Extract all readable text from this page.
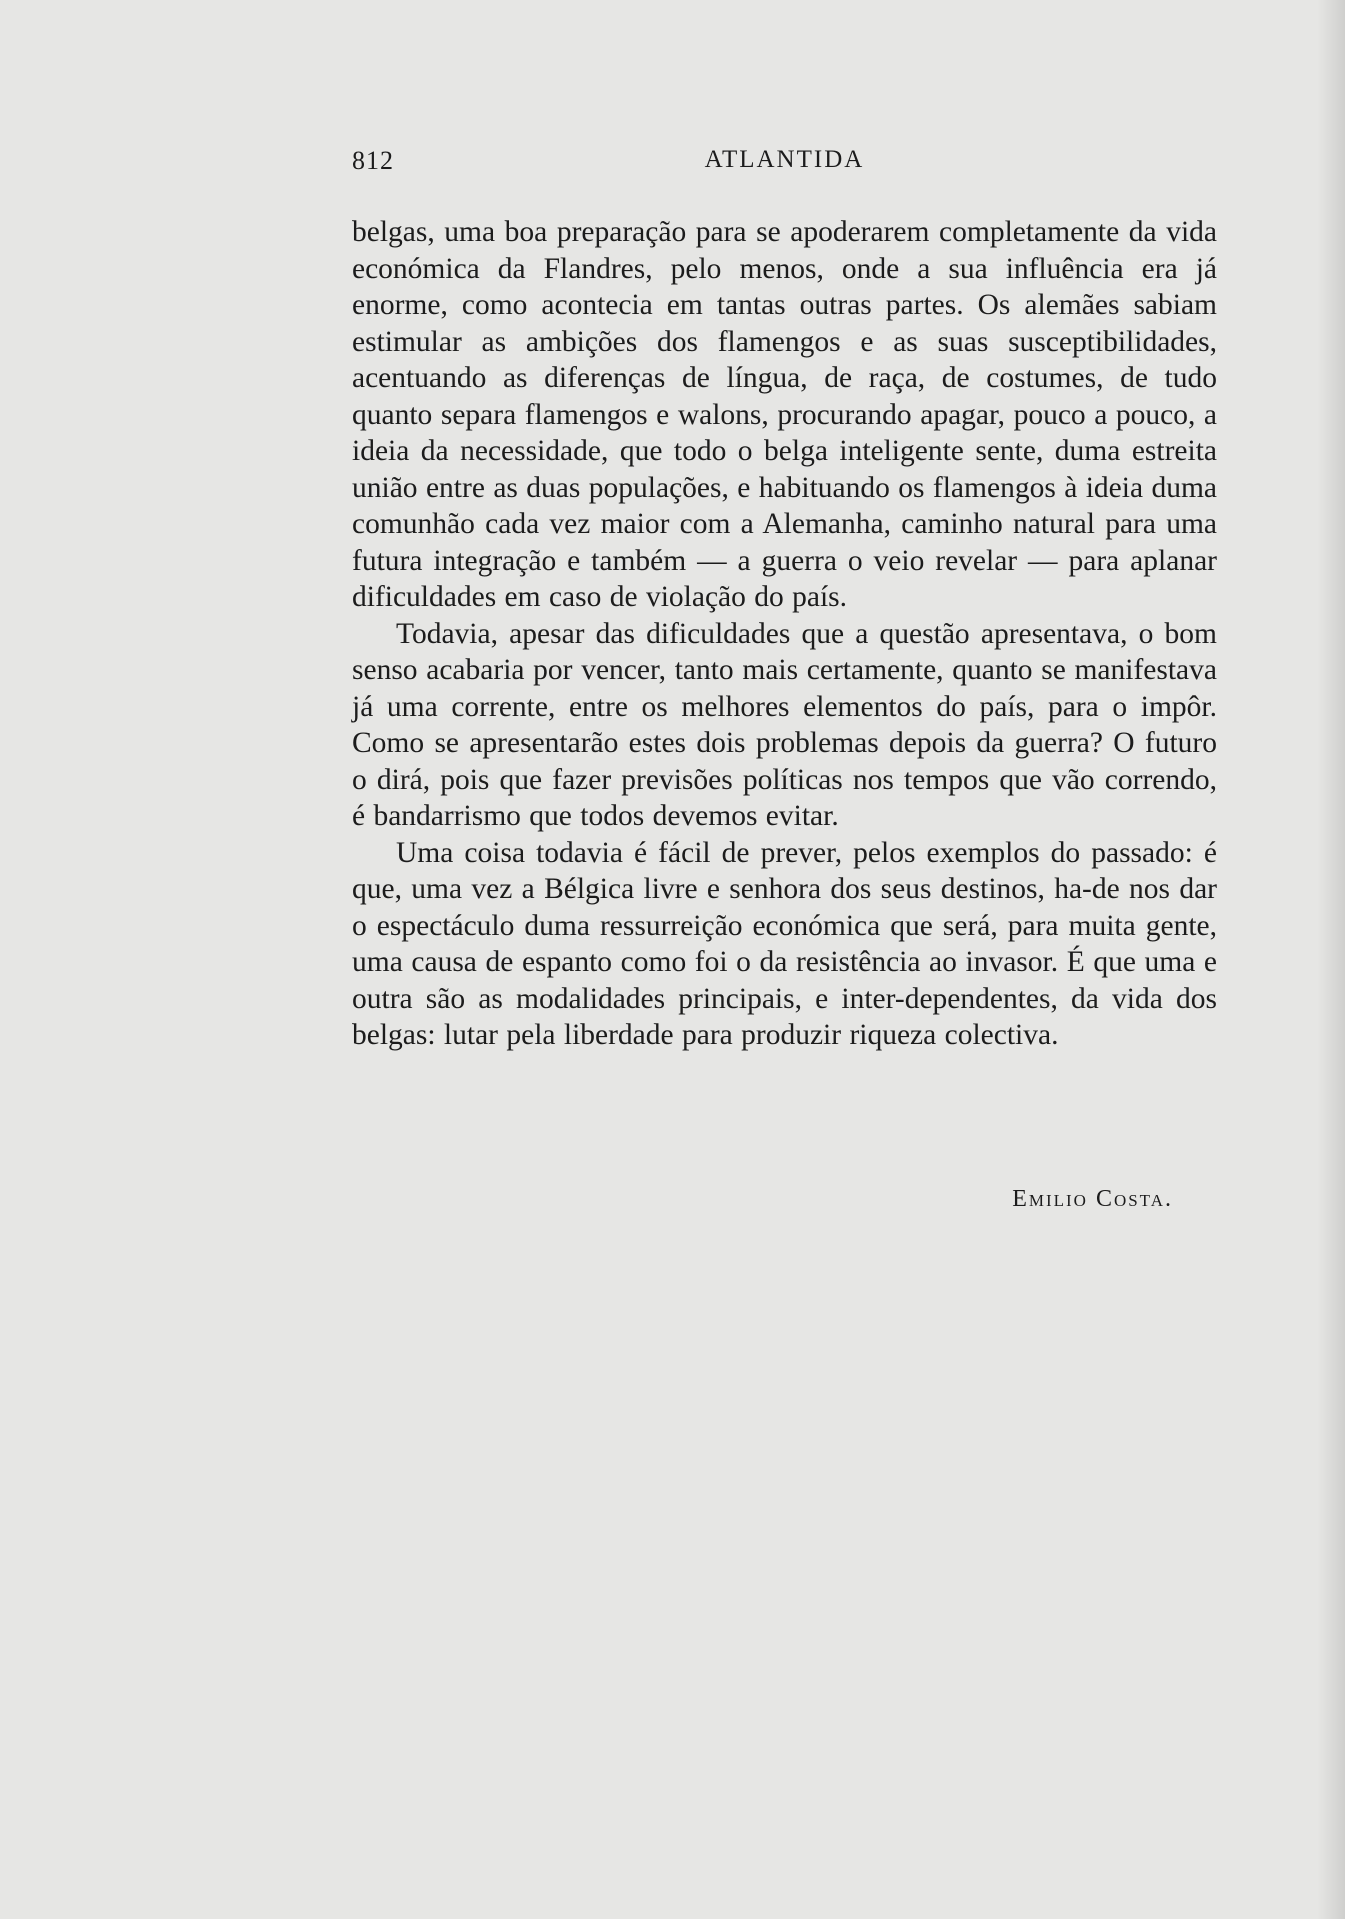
ATLANTIDA
812

belgas, uma boa preparação para se apoderarem completamente da vida económica da Flandres, pelo menos, onde a sua influência era já enorme, como acontecia em tantas outras partes. Os alemães sabiam estimular as ambições dos flamengos e as suas susceptibilidades, acentuando as diferenças de língua, de raça, de costumes, de tudo quanto separa flamengos e walons, procurando apagar, pouco a pouco, a ideia da necessidade, que todo o belga inteligente sente, duma estreita união entre as duas populações, e habituando os flamengos à ideia duma comunhão cada vez maior com a Alemanha, caminho natural para uma futura integração e também — a guerra o veio revelar — para aplanar dificuldades em caso de violação do país.

Todavia, apesar das dificuldades que a questão apresentava, o bom senso acabaria por vencer, tanto mais certamente, quanto se manifestava já uma corrente, entre os melhores elementos do país, para o impôr. Como se apresentarão estes dois problemas depois da guerra? O futuro o dirá, pois que fazer previsões políticas nos tempos que vão correndo, é bandarrismo que todos devemos evitar.

Uma coisa todavia é fácil de prever, pelos exemplos do passado: é que, uma vez a Bélgica livre e senhora dos seus destinos, ha-de nos dar o espectáculo duma ressurreição económica que será, para muita gente, uma causa de espanto como foi o da resistência ao invasor. É que uma e outra são as modalidades principais, e inter-dependentes, da vida dos belgas: lutar pela liberdade para produzir riqueza colectiva.

Emilio Costa.
